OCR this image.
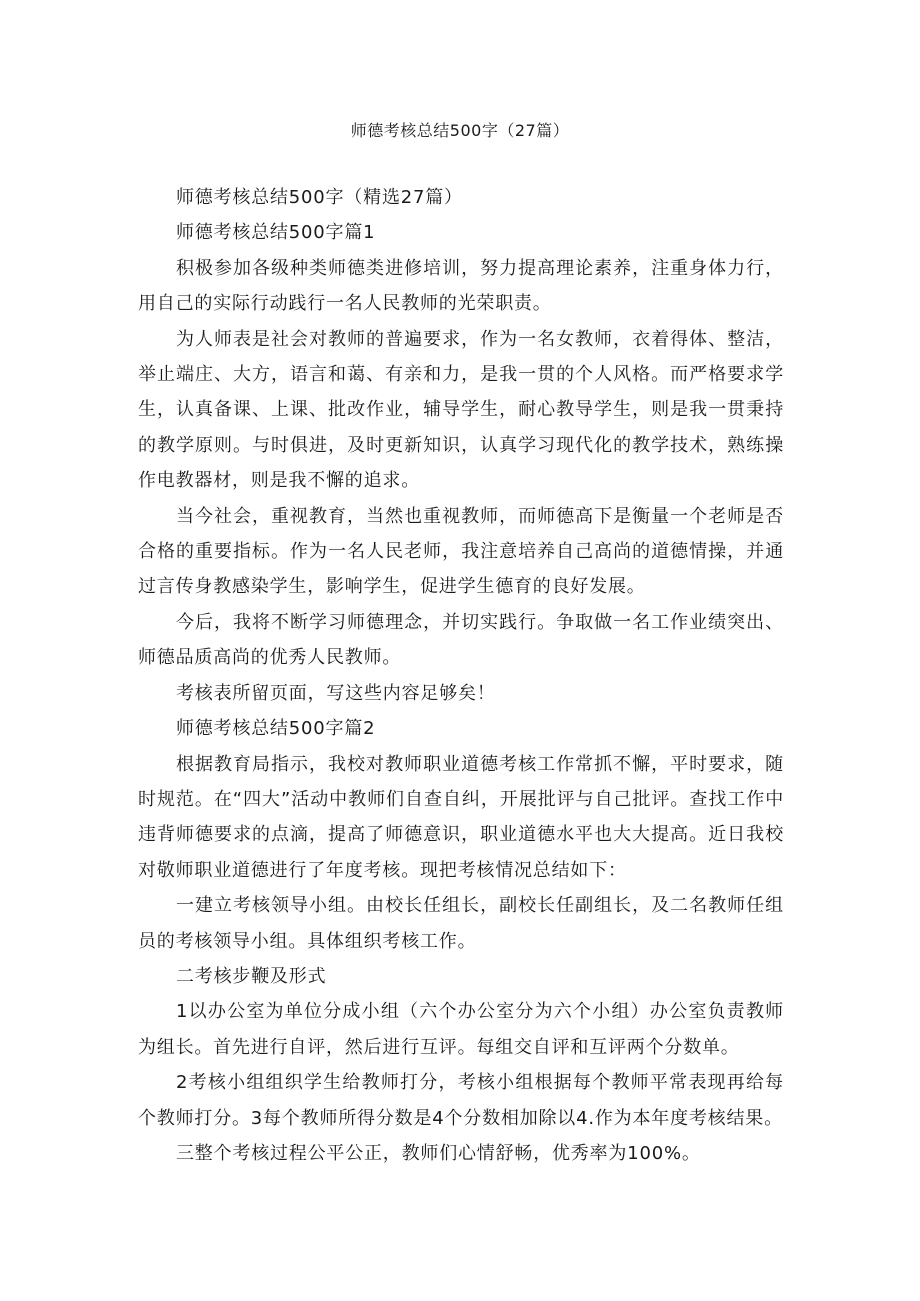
师德考核总结500字（27篇）

师德考核总结500字（精选27篇）

师德考核总结500字篇1

积极参加各级种类师德类进修培训，努力提高理论素养，注重身体力行，用自己的实际行动践行一名人民教师的光荣职责。

为人师表是社会对教师的普遍要求，作为一名女教师，衣着得体、整洁，举止端庄、大方，语言和蔼、有亲和力，是我一贯的个人风格。而严格要求学生，认真备课、上课、批改作业，辅导学生，耐心教导学生，则是我一贯秉持的教学原则。与时俱进，及时更新知识，认真学习现代化的教学技术，熟练操作电教器材，则是我不懈的追求。

当今社会，重视教育，当然也重视教师，而师德高下是衡量一个老师是否合格的重要指标。作为一名人民老师，我注意培养自己高尚的道德情操，并通过言传身教感染学生，影响学生，促进学生德育的良好发展。

今后，我将不断学习师德理念，并切实践行。争取做一名工作业绩突出、师德品质高尚的优秀人民教师。

考核表所留页面，写这些内容足够矣！

师德考核总结500字篇2

根据教育局指示，我校对教师职业道德考核工作常抓不懈，平时要求，随时规范。在“四大”活动中教师们自查自纠，开展批评与自己批评。查找工作中违背师德要求的点滴，提高了师德意识，职业道德水平也大大提高。近日我校对敬师职业道德进行了年度考核。现把考核情况总结如下：

一建立考核领导小组。由校长任组长，副校长任副组长，及二名教师任组员的考核领导小组。具体组织考核工作。

二考核步鞭及形式

1以办公室为单位分成小组（六个办公室分为六个小组）办公室负责教师为组长。首先进行自评，然后进行互评。每组交自评和互评两个分数单。

2考核小组组织学生给教师打分，考核小组根据每个教师平常表现再给每个教师打分。3每个教师所得分数是4个分数相加除以4.作为本年度考核结果。

三整个考核过程公平公正，教师们心情舒畅，优秀率为100%。
